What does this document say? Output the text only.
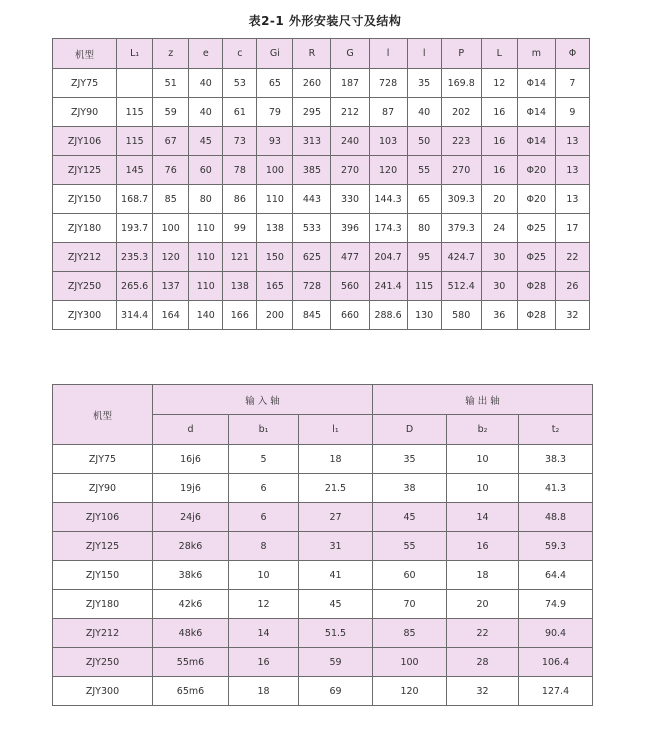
表2-1 外形安装尺寸及结构
机型	L₁	z	e	c	Gi	R	G	l	l	P	L	m	Φ
ZJY75		51	40	53	65	260	187	728	35	169.8	12	Φ14	7
ZJY90	115	59	40	61	79	295	212	87	40	202	16	Φ14	9
ZJY106	115	67	45	73	93	313	240	103	50	223	16	Φ14	13
ZJY125	145	76	60	78	100	385	270	120	55	270	16	Φ20	13
ZJY150	168.7	85	80	86	110	443	330	144.3	65	309.3	20	Φ20	13
ZJY180	193.7	100	110	99	138	533	396	174.3	80	379.3	24	Φ25	17
ZJY212	235.3	120	110	121	150	625	477	204.7	95	424.7	30	Φ25	22
ZJY250	265.6	137	110	138	165	728	560	241.4	115	512.4	30	Φ28	26
ZJY300	314.4	164	140	166	200	845	660	288.6	130	580	36	Φ28	32
机型	输 入 轴			输 出 轴		
	d	b₁	l₁	D	b₂	t₂
ZJY75	16j6	5	18	35	10	38.3
ZJY90	19j6	6	21.5	38	10	41.3
ZJY106	24j6	6	27	45	14	48.8
ZJY125	28k6	8	31	55	16	59.3
ZJY150	38k6	10	41	60	18	64.4
ZJY180	42k6	12	45	70	20	74.9
ZJY212	48k6	14	51.5	85	22	90.4
ZJY250	55m6	16	59	100	28	106.4
ZJY300	65m6	18	69	120	32	127.4
